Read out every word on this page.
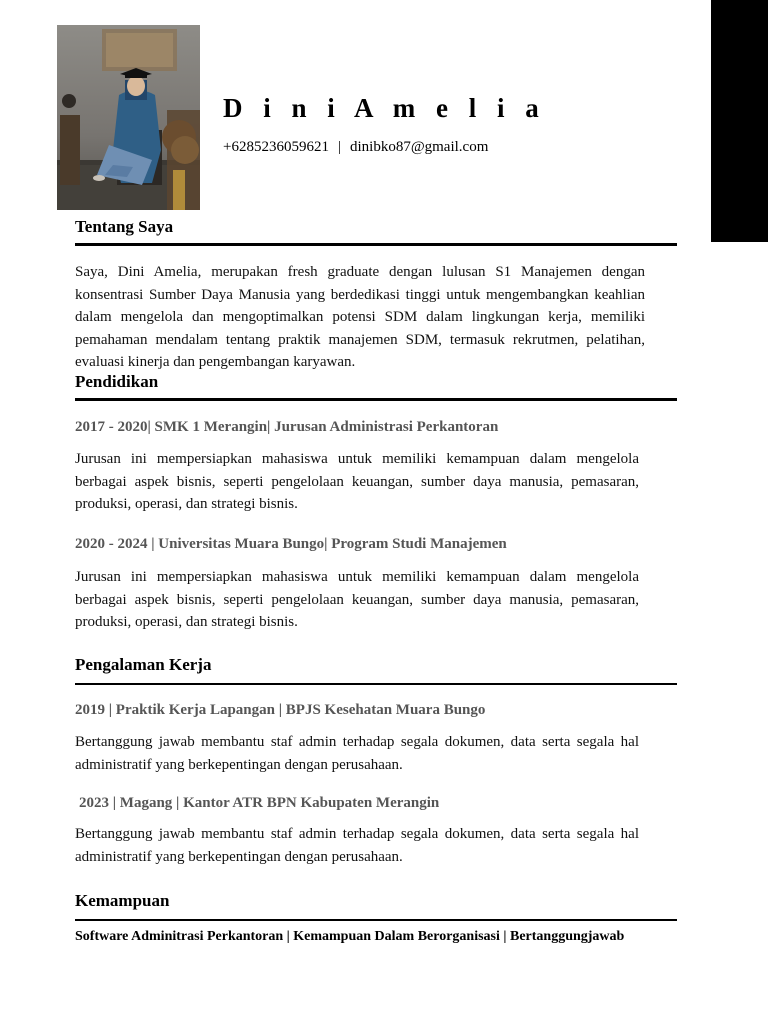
D i n i A m e l i a
+6285236059621 | dinibko87@gmail.com
Tentang Saya

Saya, Dini Amelia, merupakan fresh graduate dengan lulusan S1 Manajemen dengan konsentrasi Sumber Daya Manusia yang berdedikasi tinggi untuk mengembangkan keahlian dalam mengelola dan mengoptimalkan potensi SDM dalam lingkungan kerja, memiliki pemahaman mendalam tentang praktik manajemen SDM, termasuk rekrutmen, pelatihan, evaluasi kinerja dan pengembangan karyawan.

Pendidikan
2017 - 2020| SMK 1 Merangin| Jurusan Administrasi Perkantoran

Jurusan ini mempersiapkan mahasiswa untuk memiliki kemampuan dalam mengelola berbagai aspek bisnis, seperti pengelolaan keuangan, sumber daya manusia, pemasaran, produksi, operasi, dan strategi bisnis.

2020 - 2024 | Universitas Muara Bungo| Program Studi Manajemen

Jurusan ini mempersiapkan mahasiswa untuk memiliki kemampuan dalam mengelola berbagai aspek bisnis, seperti pengelolaan keuangan, sumber daya manusia, pemasaran, produksi, operasi, dan strategi bisnis.

Pengalaman Kerja
2019 | Praktik Kerja Lapangan | BPJS Kesehatan Muara Bungo

Bertanggung jawab membantu staf admin terhadap segala dokumen, data serta segala hal administratif yang berkepentingan dengan perusahaan.

2023 | Magang | Kantor ATR BPN Kabupaten Merangin

Bertanggung jawab membantu staf admin terhadap segala dokumen, data serta segala hal administratif yang berkepentingan dengan perusahaan.

Kemampuan
Software Adminitrasi Perkantoran | Kemampuan Dalam Berorganisasi | Bertanggungjawab
